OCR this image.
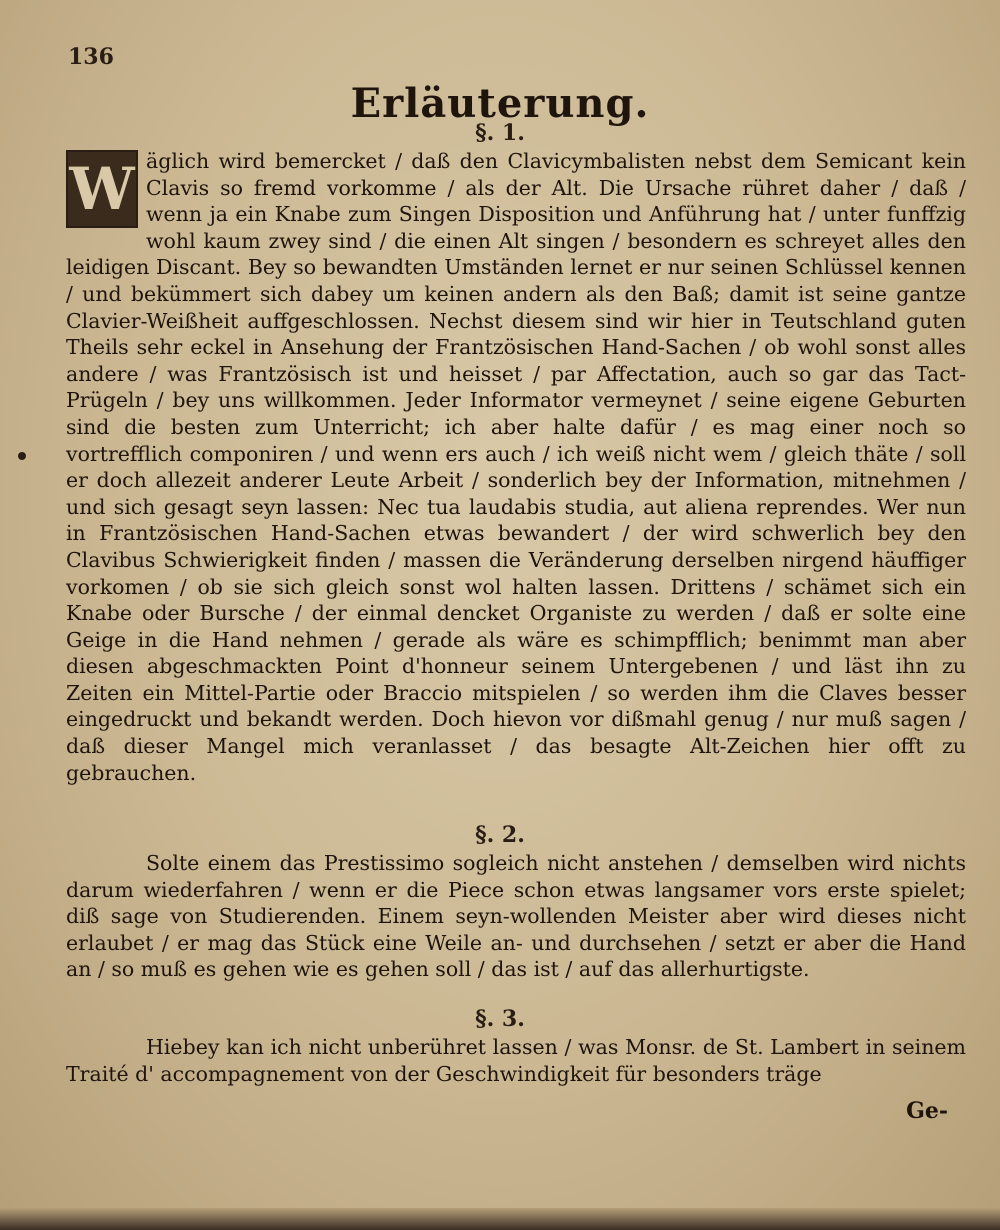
136
Erläuterung.
§. 1.
W äglich wird bemercket / daß den Clavicymbalisten nebst dem Semicant kein Clavis so fremd vorkomme / als der Alt. Die Ursache rühret daher / daß / wenn ja ein Knabe zum Singen Disposition und Anführung hat / unter funffzig wohl kaum zwey sind / die einen Alt singen / besondern es schreyet alles den leidigen Discant. Bey so bewandten Umständen lernet er nur seinen Schlüssel kennen / und bekümmert sich dabey um keinen andern als den Baß; damit ist seine gantze Clavier-Weißheit auffgeschlossen. Nechst diesem sind wir hier in Teutschland guten Theils sehr eckel in Ansehung der Frantzösischen Hand-Sachen / ob wohl sonst alles andere / was Frantzösisch ist und heisset / par Affectation, auch so gar das Tact-Prügeln / bey uns willkommen. Jeder Informator vermeynet / seine eigene Geburten sind die besten zum Unterricht; ich aber halte dafür / es mag einer noch so vortrefflich componiren / und wenn ers auch / ich weiß nicht wem / gleich thäte / soll er doch allezeit anderer Leute Arbeit / sonderlich bey der Information, mitnehmen / und sich gesagt seyn lassen: Nec tua laudabis studia, aut aliena reprendes. Wer nun in Frantzösischen Hand-Sachen etwas bewandert / der wird schwerlich bey den Clavibus Schwierigkeit finden / massen die Veränderung derselben nirgend häuffiger vorkomen / ob sie sich gleich sonst wol halten lassen. Drittens / schämet sich ein Knabe oder Bursche / der einmal dencket Organiste zu werden / daß er solte eine Geige in die Hand nehmen / gerade als wäre es schimpfflich; benimmt man aber diesen abgeschmackten Point d'honneur seinem Untergebenen / und läst ihn zu Zeiten ein Mittel-Partie oder Braccio mitspielen / so werden ihm die Claves besser eingedruckt und bekandt werden. Doch hievon vor dißmahl genug / nur muß sagen / daß dieser Mangel mich veranlasset / das besagte Alt-Zeichen hier offt zu gebrauchen.
§. 2.
Solte einem das Prestissimo sogleich nicht anstehen / demselben wird nichts darum wiederfahren / wenn er die Piece schon etwas langsamer vors erste spielet; diß sage von Studierenden. Einem seyn-wollenden Meister aber wird dieses nicht erlaubet / er mag das Stück eine Weile an- und durchsehen / setzt er aber die Hand an / so muß es gehen wie es gehen soll / das ist / auf das allerhurtigste.
§. 3.
Hiebey kan ich nicht unberühret lassen / was Monsr. de St. Lambert in seinem Traité d' accompagnement von der Geschwindigkeit für besonders träge
Ge-
